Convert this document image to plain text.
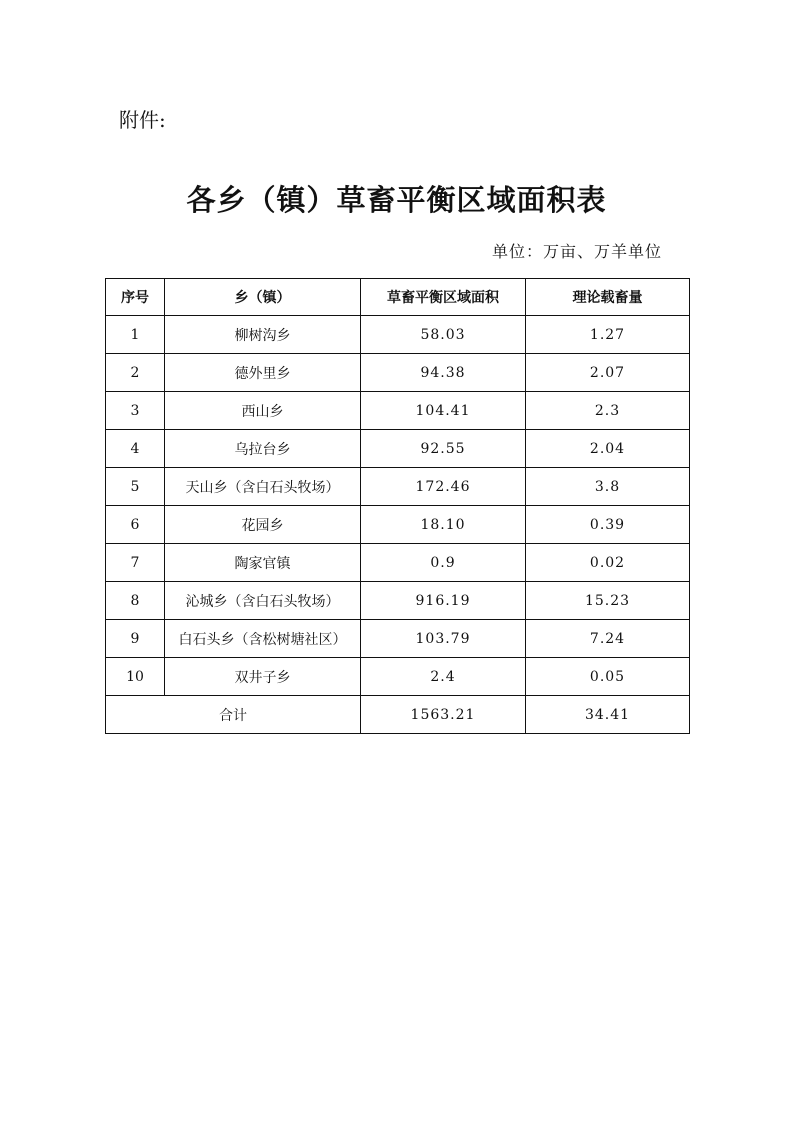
附件:
各乡（镇）草畜平衡区域面积表
单位：万亩、万羊单位
序号	乡（镇）	草畜平衡区域面积	理论载畜量
1	柳树沟乡	58.03	1.27
2	德外里乡	94.38	2.07
3	西山乡	104.41	2.3
4	乌拉台乡	92.55	2.04
5	天山乡（含白石头牧场）	172.46	3.8
6	花园乡	18.10	0.39
7	陶家官镇	0.9	0.02
8	沁城乡（含白石头牧场）	916.19	15.23
9	白石头乡（含松树塘社区）	103.79	7.24
10	双井子乡	2.4	0.05
合计		1563.21	34.41
